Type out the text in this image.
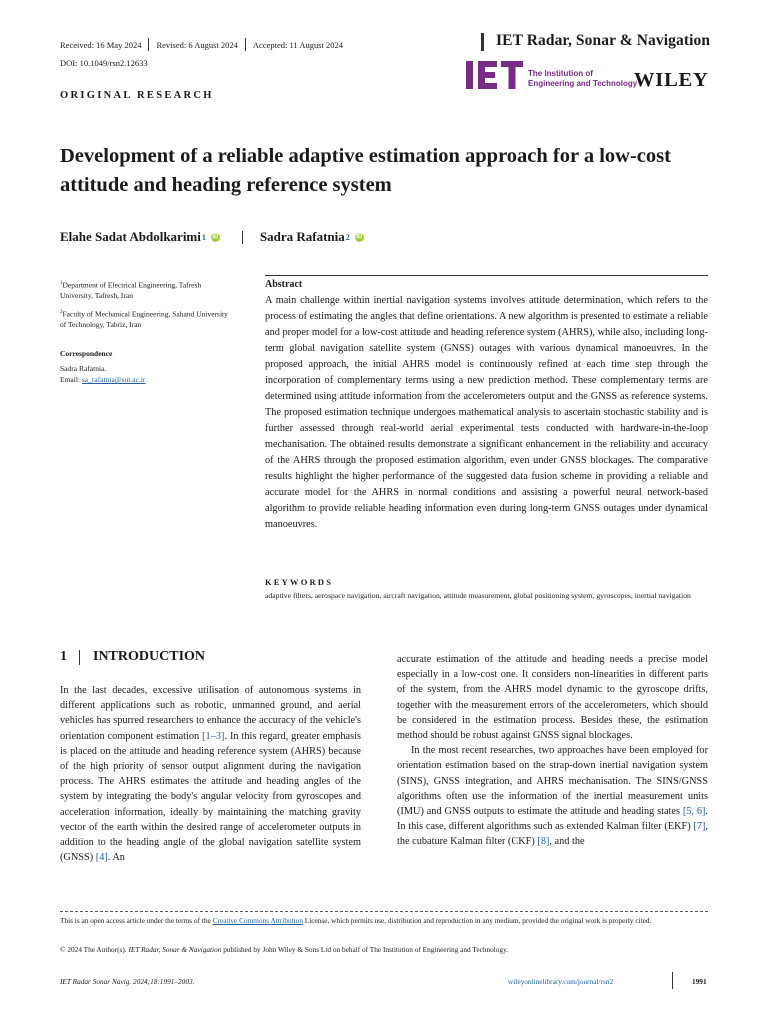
Received: 16 May 2024 Revised: 6 August 2024 Accepted: 11 August 2024	IET Radar, Sonar & Navigation
DOI: 10.1049/rsn2.12633
The Institution of
Engineering and Technology
WILEY
ORIGINAL RESEARCH
Development of a reliable adaptive estimation approach for a low-cost attitude and heading reference system
Elahe Sadat Abdolkarimi 1 iD	Sadra Rafatnia 2 iD
$^1$Department of Electrical Engineering, Tafresh University, Tafresh, Iran
$^2$Faculty of Mechanical Engineering, Sahand University of Technology, Tabriz, Iran
Correspondence
Sadra Rafatnia.
Email: sa_rafatnia@sut.ac.ir
Abstract
A main challenge within inertial navigation systems involves attitude determination, which refers to the process of estimating the angles that define orientations. A new algorithm is presented to estimate a reliable and proper model for a low-cost attitude and heading reference system (AHRS), while also, including long-term global navigation satellite system (GNSS) outages with various dynamical manoeuvres. In the proposed approach, the initial AHRS model is continuously refined at each time step through the incorporation of complementary terms using a new prediction method. These complementary terms are determined using attitude information from the accelerometers output and the GNSS as reference systems. The proposed estimation technique undergoes mathematical analysis to ascertain stochastic stability and is further assessed through real-world aerial experimental tests conducted with hardware-in-the-loop mechanisation. The obtained results demonstrate a significant enhancement in the reliability and accuracy of the AHRS through the proposed estimation algorithm, even under GNSS blockages. The comparative results highlight the higher performance of the suggested data fusion scheme in providing a reliable and accurate model for the AHRS in normal conditions and assisting a powerful neural network-based algorithm to provide reliable heading information even during long-term GNSS outages under dynamical manoeuvres.
KEYWORDS
adaptive filters, aerospace navigation, aircraft navigation, attitude measurement, global positioning system, gyroscopes, inertial navigation
1 INTRODUCTION

In the last decades, excessive utilisation of autonomous systems in different applications such as robotic, unmanned ground, and aerial vehicles has spurred researchers to enhance the accuracy of the vehicle's orientation component estimation [1–3]. In this regard, greater emphasis is placed on the attitude and heading reference system (AHRS) because of the high priority of sensor output alignment during the navigation process. The AHRS estimates the attitude and heading angles of the system by integrating the body's angular velocity from gyroscopes and acceleration information, ideally by maintaining the matching gravity vector of the earth within the desired range of accelerometer outputs in addition to the heading angle of the global navigation satellite system (GNSS) [4]. An

accurate estimation of the attitude and heading needs a precise model especially in a low-cost one. It considers non-linearities in different parts of the system, from the AHRS model dynamic to the gyroscope drifts, together with the measurement errors of the accelerometers, which should be considered in the estimation process. Besides these, the estimation method should be robust against GNSS signal blockages.

In the most recent researches, two approaches have been employed for orientation estimation based on the strap-down inertial navigation system (SINS), GNSS integration, and AHRS mechanisation. The SINS/GNSS algorithms often use the information of the inertial measurement units (IMU) and GNSS outputs to estimate the attitude and heading states [5, 6]. In this case, different algorithms such as extended Kalman filter (EKF) [7], the cubature Kalman filter (CKF) [8], and the

This is an open access article under the terms of the Creative Commons Attribution License, which permits use, distribution and reproduction in any medium, provided the original work is properly cited.
© 2024 The Author(s). IET Radar, Sonar & Navigation published by John Wiley & Sons Ltd on behalf of The Institution of Engineering and Technology.
IET Radar Sonar Navig. 2024;18:1991–2003.	wileyonlinelibrary.com/journal/rsn2	1991
